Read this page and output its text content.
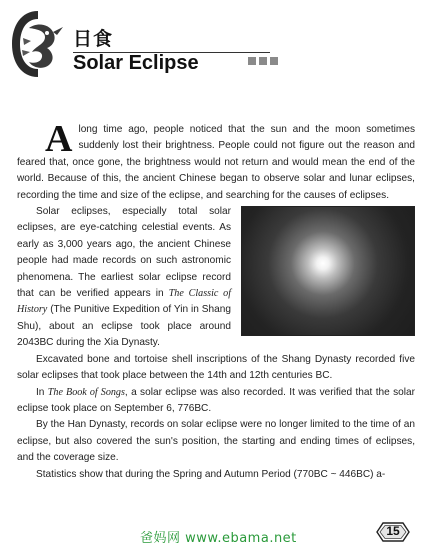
日食
Solar Eclipse

Along time ago, people noticed that the sun and the moon sometimes suddenly lost their brightness. People could not figure out the reason and feared that, once gone, the brightness would not return and would mean the end of the world. Because of this, the ancient Chinese began to observe solar and lunar eclipses, recording the time and size of the eclipse, and searching for the causes of eclipses.

Solar eclipses, especially total solar eclipses, are eye-catching celestial events. As early as 3,000 years ago, the ancient Chinese people had made records on such astronomic phenomena. The earliest solar eclipse record that can be verified appears in The Classic of History (The Punitive Expedition of Yin in Shang Shu), about an eclipse took place around 2043BC during the Xia Dynasty.

Excavated bone and tortoise shell inscriptions of the Shang Dynasty recorded five solar eclipses that took place between the 14th and 12th centuries BC.

In The Book of Songs, a solar eclipse was also recorded. It was verified that the solar eclipse took place on September 6, 776BC.

By the Han Dynasty, records on solar eclipse were no longer limited to the time of an eclipse, but also covered the sun's position, the starting and ending times of eclipses, and the coverage size.

Statistics show that during the Spring and Autumn Period (770BC ~ 446BC) a-

爸妈网 www.ebama.net	15
